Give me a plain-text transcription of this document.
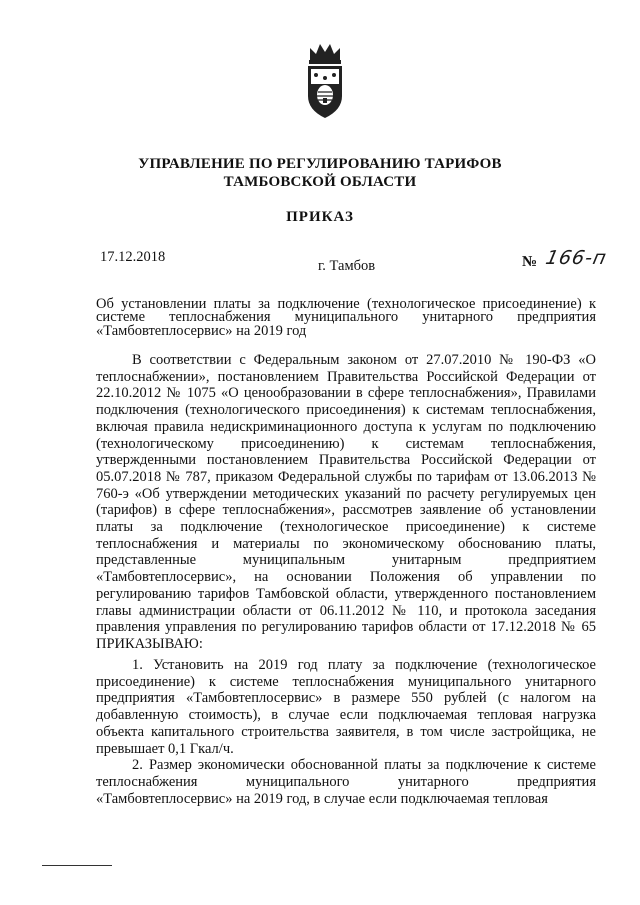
УПРАВЛЕНИЕ ПО РЕГУЛИРОВАНИЮ ТАРИФОВ
ТАМБОВСКОЙ ОБЛАСТИ
ПРИКАЗ
17.12.2018
г. Тамбов	№ 166-п
Об установлении платы за подключение (технологическое присоединение) к системе теплоснабжения муниципального унитарного предприятия «Тамбовтеплосервис» на 2019 год
В соответствии с Федеральным законом от 27.07.2010 № 190-ФЗ «О теплоснабжении», постановлением Правительства Российской Федерации от 22.10.2012 № 1075 «О ценообразовании в сфере теплоснабжения», Правилами подключения (технологического присоединения) к системам теплоснабжения, включая правила недискриминационного доступа к услугам по подключению (технологическому присоединению) к системам теплоснабжения, утвержденными постановлением Правительства Российской Федерации от 05.07.2018 № 787, приказом Федеральной службы по тарифам от 13.06.2013 № 760-э «Об утверждении методических указаний по расчету регулируемых цен (тарифов) в сфере теплоснабжения», рассмотрев заявление об установлении платы за подключение (технологическое присоединение) к системе теплоснабжения и материалы по экономическому обоснованию платы, представленные муниципальным унитарным предприятием «Тамбовтеплосервис», на основании Положения об управлении по регулированию тарифов Тамбовской области, утвержденного постановлением главы администрации области от 06.11.2012 № 110, и протокола заседания правления управления по регулированию тарифов области от 17.12.2018 № 65 ПРИКАЗЫВАЮ:

1. Установить на 2019 год плату за подключение (технологическое присоединение) к системе теплоснабжения муниципального унитарного предприятия «Тамбовтеплосервис» в размере 550 рублей (с налогом на добавленную стоимость), в случае если подключаемая тепловая нагрузка объекта капитального строительства заявителя, в том числе застройщика, не превышает 0,1 Гкал/ч.

2. Размер экономически обоснованной платы за подключение к системе теплоснабжения муниципального унитарного предприятия «Тамбовтеплосервис» на 2019 год, в случае если подключаемая тепловая
